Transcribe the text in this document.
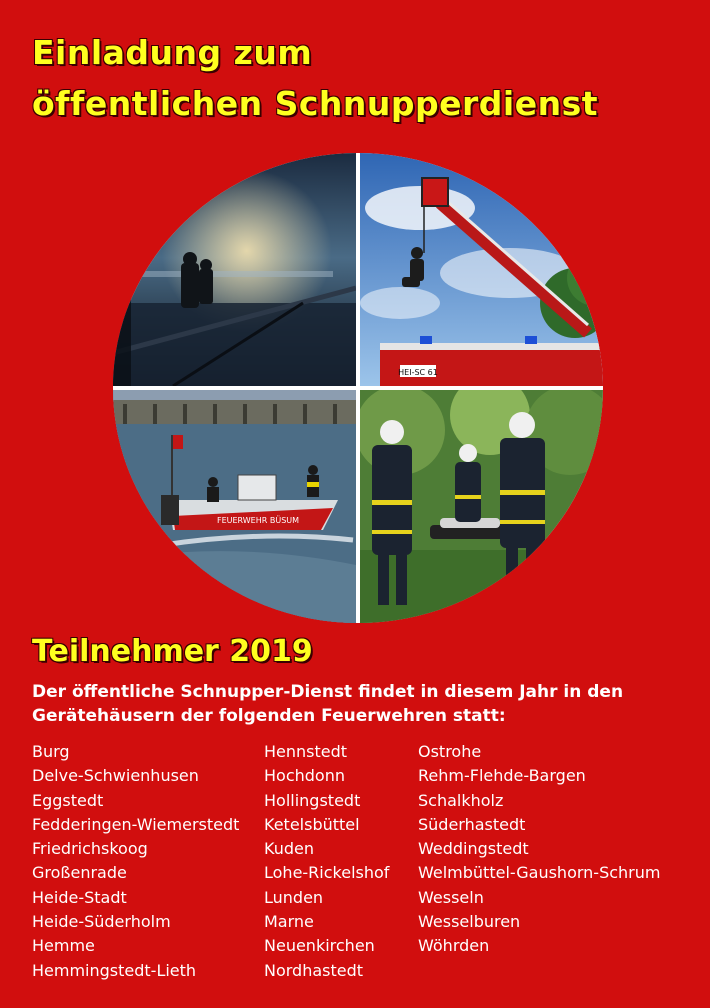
Einladung zum
öffentlichen Schnupperdienst
HEI-SC 61
FEUERWEHR BÜSUM
Teilnehmer 2019

Der öffentliche Schnupper-Dienst findet in diesem Jahr in den
Gerätehäusern der folgenden Feuerwehren statt:

Burg
Delve-Schwienhusen
Eggstedt
Fedderingen-Wiemerstedt
Friedrichskoog
Großenrade
Heide-Stadt
Heide-Süderholm
Hemme
Hemmingstedt-Lieth
Hennstedt
Hochdonn
Hollingstedt
Ketelsbüttel
Kuden
Lohe-Rickelshof
Lunden
Marne
Neuenkirchen
Nordhastedt
Ostrohe
Rehm-Flehde-Bargen
Schalkholz
Süderhastedt
Weddingstedt
Welmbüttel-Gaushorn-Schrum
Wesseln
Wesselburen
Wöhrden
